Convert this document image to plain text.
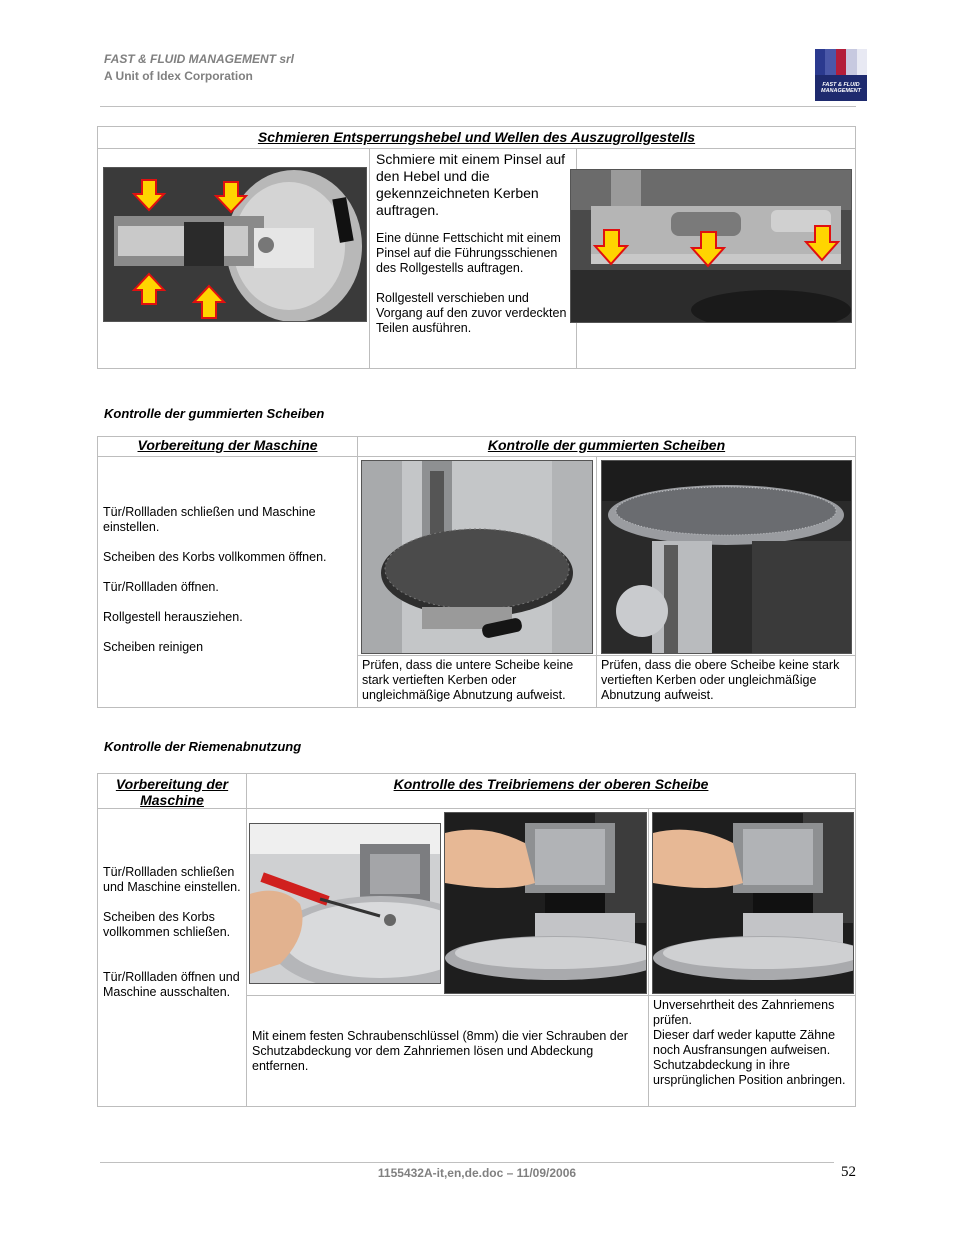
FAST & FLUID MANAGEMENT srl
A Unit of Idex Corporation
FAST & FLUID MANAGEMENT
Schmieren Entsperrungshebel und Wellen des Auszugrollgestells

Schmiere mit einem Pinsel auf den Hebel und die gekennzeichneten Kerben auftragen.
Eine dünne Fettschicht mit einem Pinsel auf die Führungsschienen des Rollgestells auftragen.
Rollgestell verschieben und Vorgang auf den zuvor verdeckten Teilen ausführen.

Kontrolle der gummierten Scheiben
Vorbereitung der Maschine	Kontrolle der gummierten Scheiben	

Tür/Rollladen schließen und Maschine einstellen.

Scheiben des Korbs vollkommen öffnen.

Tür/Rollladen öffnen.

Rollgestell herausziehen.

Scheiben reinigen		

	Prüfen, dass die untere Scheibe keine stark vertieften Kerben oder ungleichmäßige Abnutzung aufweist.	Prüfen, dass die obere Scheibe keine stark vertieften Kerben oder ungleichmäßige Abnutzung aufweist.
Kontrolle der Riemenabnutzung
Vorbereitung der Maschine	Kontrolle des Treibriemens der oberen Scheibe	

Tür/Rollladen schließen und Maschine einstellen.

Scheiben des Korbs vollkommen schließen.

Tür/Rollladen öffnen und Maschine ausschalten.		

	Mit einem festen Schraubenschlüssel (8mm) die vier Schrauben der Schutzabdeckung vor dem Zahnriemen lösen und Abdeckung entfernen.	Unversehrtheit des Zahnriemens prüfen.
Dieser darf weder kaputte Zähne noch Ausfransungen aufweisen.
Schutzabdeckung in ihre ursprünglichen Position anbringen.
1155432A-it,en,de.doc – 11/09/2006	52
